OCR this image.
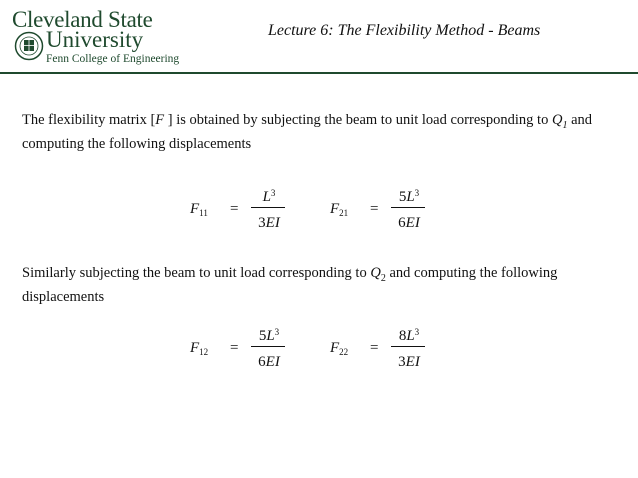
Cleveland State
University
Fenn College of Engineering
Lecture 6: The Flexibility Method - Beams
The flexibility matrix [F ] is obtained by subjecting the beam to unit load corresponding to $Q_1$ and computing the following displacements
Similarly subjecting the beam to unit load corresponding to $Q_2$ and computing the following displacements
$F_{11}$ =
$L^3$
3EI
$F_{21}$ =
$5L^3$
6EI
$F_{12}$ =
$5L^3$
6EI
$F_{22}$ =
$8L^3$
3EI
